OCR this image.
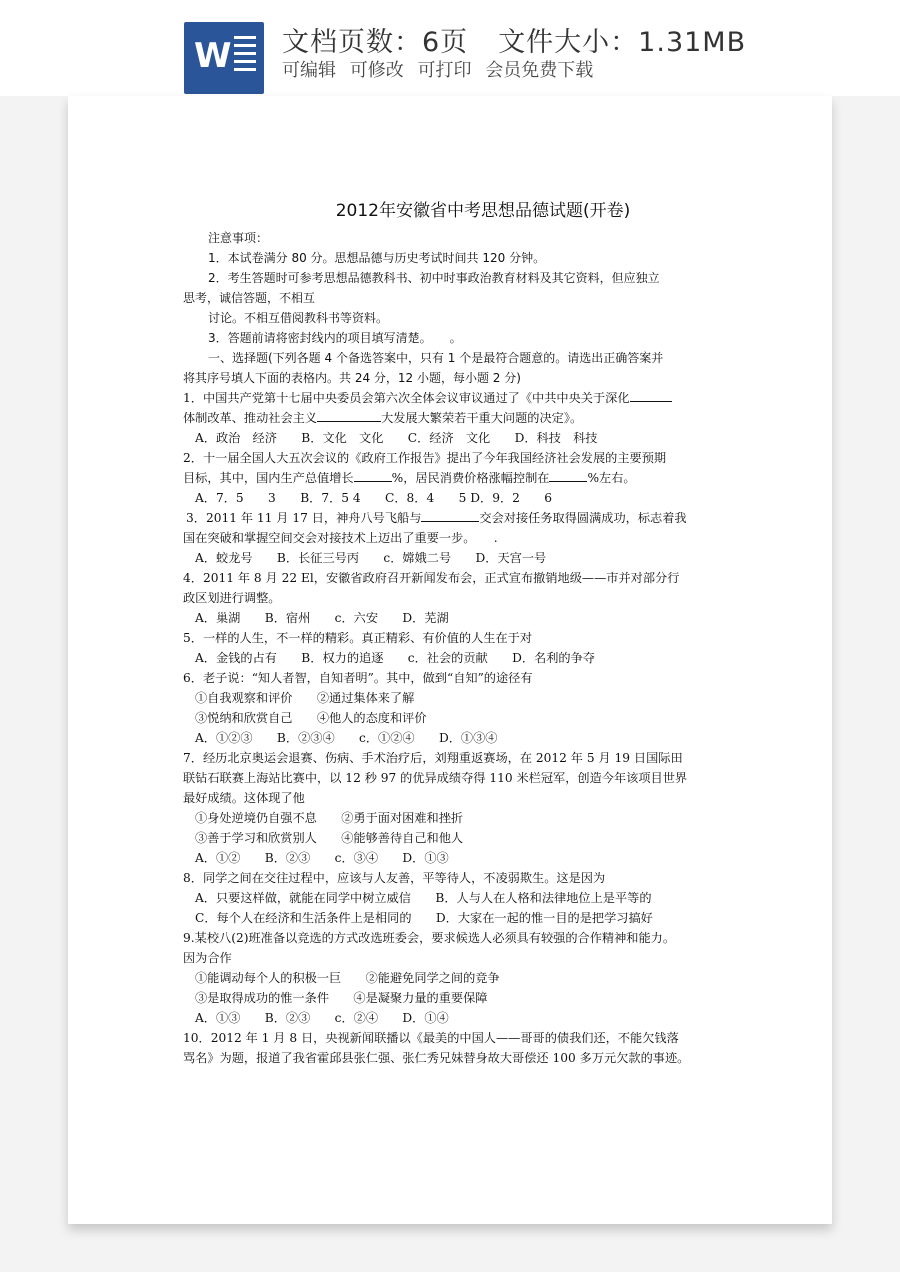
W 文档页数：6页 文件大小：1.31MB
可编辑 可修改 可打印 会员免费下载
2012年安徽省中考思想品德试题(开卷)
注意事项：
1．本试卷满分 80 分。思想品德与历史考试时间共 120 分钟。
2．考生答题时可参考思想品德教科书、初中时事政治教育材料及其它资料，但应独立
思考，诚信答题，不相互
讨论。不相互借阅教科书等资料。
3．答题前请将密封线内的项目填写清楚。　　。
一、选择题(下列各题 4 个备选答案中，只有 1 个是最符合题意的。请选出正确答案并
将其序号填人下面的表格内。共 24 分，12 小题，每小题 2 分)
1．中国共产党第十七届中央委员会第六次全体会议审议通过了《中共中央关于深化
体制改革、推动社会主义	大发展大繁荣若干重大问题的决定》。
A．政治　经济　　B．文化　文化　　C．经济　文化　　D．科技　科技
2．十一届全国人大五次会议的《政府工作报告》提出了今年我国经济社会发展的主要预期
目标，其中，国内生产总值增长	%，居民消费价格涨幅控制在	%左右。
A．7．5　　3　　B．7．5 4　　C．8．4　　5 D．9．2　　6
3．2011 年 11 月 17 日，神舟八号飞船与	交会对接任务取得圆满成功，标志着我
国在突破和掌握空间交会对接技术上迈出了重要一步。　　.
A．蛟龙号　　B．长征三号丙　　c．嫦娥二号　　D．天宫一号
4．2011 年 8 月 22 El，安徽省政府召开新闻发布会，正式宣布撤销地级——市并对部分行
政区划进行调整。
A．巢湖　　B．宿州　　c．六安　　D．芜湖
5．一样的人生，不一样的精彩。真正精彩、有价值的人生在于对
A．金钱的占有　　B．权力的追逐　　c．社会的贡献　　D．名利的争夺
6．老子说：“知人者智，自知者明”。其中，做到“自知”的途径有
①自我观察和评价　　②通过集体来了解
③悦纳和欣赏自己　　④他人的态度和评价
A．①②③　　B．②③④　　c．①②④　　D．①③④
7．经历北京奥运会退赛、伤病、手术治疗后，刘翔重返赛场，在 2012 年 5 月 19 日国际田
联钻石联赛上海站比赛中，以 12 秒 97 的优异成绩夺得 110 米栏冠军，创造今年该项目世界
最好成绩。这体现了他
①身处逆境仍自强不息　　②勇于面对困难和挫折
③善于学习和欣赏别人　　④能够善待自己和他人
A．①②　　B．②③　　c．③④　　D．①③
8．同学之间在交往过程中，应该与人友善，平等待人，不凌弱欺生。这是因为
A．只要这样做，就能在同学中树立威信　　B．人与人在人格和法律地位上是平等的
C．每个人在经济和生活条件上是相同的　　D．大家在一起的惟一目的是把学习搞好
9.某校八(2)班准备以竞选的方式改选班委会，要求候选人必须具有较强的合作精神和能力。
因为合作
①能调动每个人的积极一巨　　②能避免同学之间的竞争
③是取得成功的惟一条件　　④是凝聚力量的重要保障
A．①③　　B．②③　　c．②④　　D．①④
10．2012 年 1 月 8 日，央视新闻联播以《最美的中国人——哥哥的债我们还，不能欠钱落
骂名》为题，报道了我省霍邱县张仁强、张仁秀兄妹替身故大哥偿还 100 多万元欠款的事迹。
